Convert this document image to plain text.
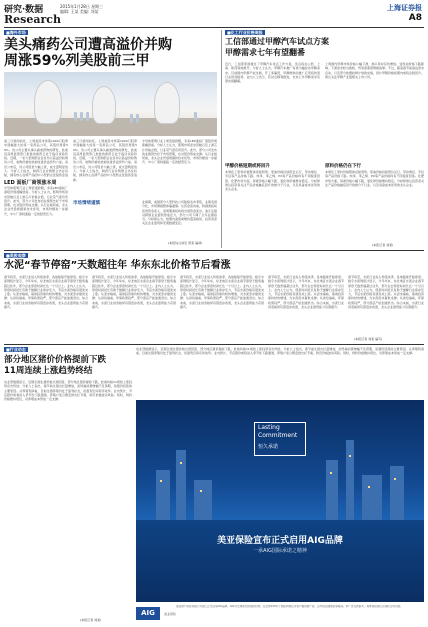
研究·数据
Research
2015年1月28日 星期三
编辑: 王某 美编: 刘某	上海证券报
A8
■海外市场
美头痛药公司遭高溢价并购
周涨59%列美股前三甲
美三日新闻消息，上周美股市场第1000只股票中涨幅最大的是一家药品公司，其股价周涨59%。该公司主要从事头痛类药物的研发，此前其获得监管部门批准的新药正处于临床试验阶段。近期，一家大型制药企业宣布以高溢价收购该公司，收购价格较此前收盘价溢价约六成。消息公布后，该公司股价大幅上涨，成交量明显放大。分析人士指出，制药行业并购整合仍在持续，拥有核心在研产品的中小型药企受到资金追
LED 面板厂商领涨本周
半导体照明行业上周表现抢眼，多家LED面板厂商股价周涨幅居前。分析人士认为，照明市场需求回暖以及上游芯片价格企稳，行业景气度有所回升。此外，部分公司发布的业绩预告好于市场预期，也对股价形成支撑。从行业格局看，龙头企业凭借规模和技术优势，市场份额进一步提升，中小厂商则面临一定的经营压力。
美三日新闻消息，上周美股市场第1000只股票中涨幅最大的是一家药品公司，其股价周涨59%。该公司主要从事头痛类药物的研发，此前其获得监管部门批准的新药正处于临床试验阶段。近期，一家大型制药企业宣布以高溢价收购该公司，收购价格较此前收盘价溢价约六成。消息公布后，该公司股价大幅上涨，成交量明显放大。分析人士指出，制药行业并购整合仍在持续，拥有核心在研产品的中小型药企受到资金追捧。
半导体照明行业上周表现抢眼，多家LED面板厂商股价周涨幅居前。分析人士认为，照明市场需求回暖以及上游芯片价格企稳，行业景气度有所回升。此外，部分公司发布的业绩预告好于市场预期，也对股价形成支撑。从行业格局看，龙头企业凭借规模和技术优势，市场份额进一步提升，中小厂商则面临一定的经营压力。
市场情绪谨慎	业绩期，美国部分大型科技公司陆续发布季报，业绩表现分化，市场情绪整体偏谨慎。从资金流向看，防御类板块获得资金流入，而周期类板块则出现资金流出。美元走强对跨国企业盈利形成压力，部分公司下调了全年业绩指引。分析师认为，短期内美股或维持震荡格局，投资者需关注企业盈利和宏观数据变化。
(本报综合消息 郑某 编译)
■化工行业价格周报
工信部通过甲醇汽车试点方案
甲醇需求七年有望翻番
近日，工信部原则通过了甲醇汽车试点工作方案，试点将在山西、上海、陕西等地展开。分析人士认为，甲醇汽车推广有望大幅拉动甲醇需求。目前国内甲醇产能过剩，开工率偏低，甲醇燃料的推广应用将改善行业供需格局。业内人士表示，若试点顺利推进，未来七年甲醇需求有望实现翻番。
上周国内甲醇市场价格小幅下滑，港口库存有所增加。受原油价格下跌影响，下游需求较为疲软，贸易商观望情绪浓厚。不过，随着春节前备货需求启动，以及部分装置检修计划的实施，预计甲醇价格短期内或将企稳回升。建议关注甲醇产业链相关上市公司。
甲醇价格短期或将回升
本周化工原料价格整体延续弱势。原油价格持续低位运行，带动烯烃、芳烃等产品价格下跌。纯苯、苯乙烯、PX等产品价格均有不同程度回落。化肥市场方面，尿素价格小幅下跌，氯化钾价格维持稳定。分析师建议投资者关注产品价格触底回升的细分子行业，以及具备成本优势的龙头企业。
原料价格仍在下行
本周化工原料价格整体延续弱势。原油价格持续低位运行，带动烯烃、芳烃等产品价格下跌。纯苯、苯乙烯、PX等产品价格均有不同程度回落。化肥市场方面，尿素价格小幅下跌，氯化钾价格维持稳定。分析师建议投资者关注产品价格触底回升的细分子行业，以及具备成本优势的龙头企业。
(本报记者 刘某)
■美股观察
水泥“春节停窑”天数超往年 华东东北价格节后看涨
春节将至，水泥行业进入传统淡季，各地陆续开始停窑。数字水泥网统计显示，今年华东、东北地区水泥企业春节停窑天数普遍超过往年，部分企业停窑时间长达一个月以上。业内人士认为，停窑时间延长有助于缓解行业库存压力，节后水泥价格有望迎来上涨。从需求端看，基建投资保持较快增速，为水泥需求提供支撑；从供给端看，环保政策趋严，部分落后产能加速退出。综合来看，水泥行业供需格局有望逐步改善，龙头企业盈利能力有望提升。
春节将至，水泥行业进入传统淡季，各地陆续开始停窑。数字水泥网统计显示，今年华东、东北地区水泥企业春节停窑天数普遍超过往年，部分企业停窑时间长达一个月以上。业内人士认为，停窑时间延长有助于缓解行业库存压力，节后水泥价格有望迎来上涨。从需求端看，基建投资保持较快增速，为水泥需求提供支撑；从供给端看，环保政策趋严，部分落后产能加速退出。综合来看，水泥行业供需格局有望逐步改善，龙头企业盈利能力有望提升。
春节将至，水泥行业进入传统淡季，各地陆续开始停窑。数字水泥网统计显示，今年华东、东北地区水泥企业春节停窑天数普遍超过往年，部分企业停窑时间长达一个月以上。业内人士认为，停窑时间延长有助于缓解行业库存压力，节后水泥价格有望迎来上涨。从需求端看，基建投资保持较快增速，为水泥需求提供支撑；从供给端看，环保政策趋严，部分落后产能加速退出。综合来看，水泥行业供需格局有望逐步改善，龙头企业盈利能力有望提升。
春节将至，水泥行业进入传统淡季，各地陆续开始停窑。数字水泥网统计显示，今年华东、东北地区水泥企业春节停窑天数普遍超过往年，部分企业停窑时间长达一个月以上。业内人士认为，停窑时间延长有助于缓解行业库存压力，节后水泥价格有望迎来上涨。从需求端看，基建投资保持较快增速，为水泥需求提供支撑；从供给端看，环保政策趋严，部分落后产能加速退出。综合来看，水泥行业供需格局有望逐步改善，龙头企业盈利能力有望提升。
春节将至，水泥行业进入传统淡季，各地陆续开始停窑。数字水泥网统计显示，今年华东、东北地区水泥企业春节停窑天数普遍超过往年，部分企业停窑时间长达一个月以上。业内人士认为，停窑时间延长有助于缓解行业库存压力，节后水泥价格有望迎来上涨。从需求端看，基建投资保持较快增速，为水泥需求提供支撑；从供给端看，环保政策趋严，部分落后产能加速退出。综合来看，水泥行业供需格局有望逐步改善，龙头企业盈利能力有望提升。
(本报记者 刘某 编写)
■行业动态
部分地区猪价价格提前下跌
11周连续上涨趋势终结
农业部数据显示，近期全国生猪价格出现回落，部分地区猪价提前下跌，此前持续11周的上涨趋势宣告终结。分析人士指出，春节前生猪出栏量增加，而终端消费增幅不及预期，是猪价回落的主要原因。从养殖利润看，目前生猪养殖仍处于盈利状态，但盈利空间有所收窄。业内预计，节后猪价或将进入季节性下跌通道，养殖户需合理安排出栏节奏，防范价格波动风险。同时，饲料价格维持低位，对养殖成本形成一定支撑。
(本报记者 刘某)
农业部数据显示，近期全国生猪价格出现回落，部分地区猪价提前下跌，此前持续11周的上涨趋势宣告终结。分析人士指出，春节前生猪出栏量增加，而终端消费增幅不及预期，是猪价回落的主要原因。从养殖利润看，目前生猪养殖仍处于盈利状态，但盈利空间有所收窄。业内预计，节后猪价或将进入季节性下跌通道，养殖户需合理安排出栏节奏，防范价格波动风险。同时，饲料价格维持低位，对养殖成本形成一定支撑。
Lasting
Commitment
恒久承诺
美亚保险宣布正式启用AIG品牌
一承AIG国际承诺之精神
AIG	美亚保险
美亚财产保险有限公司现已正式启用AIG品牌。AIG为全球领先的保险机构，在全球130多个国家和地区为客户提供财产险、意外险及健康险等服务。本广告仅供参考，具体保险责任以保险合同为准。
